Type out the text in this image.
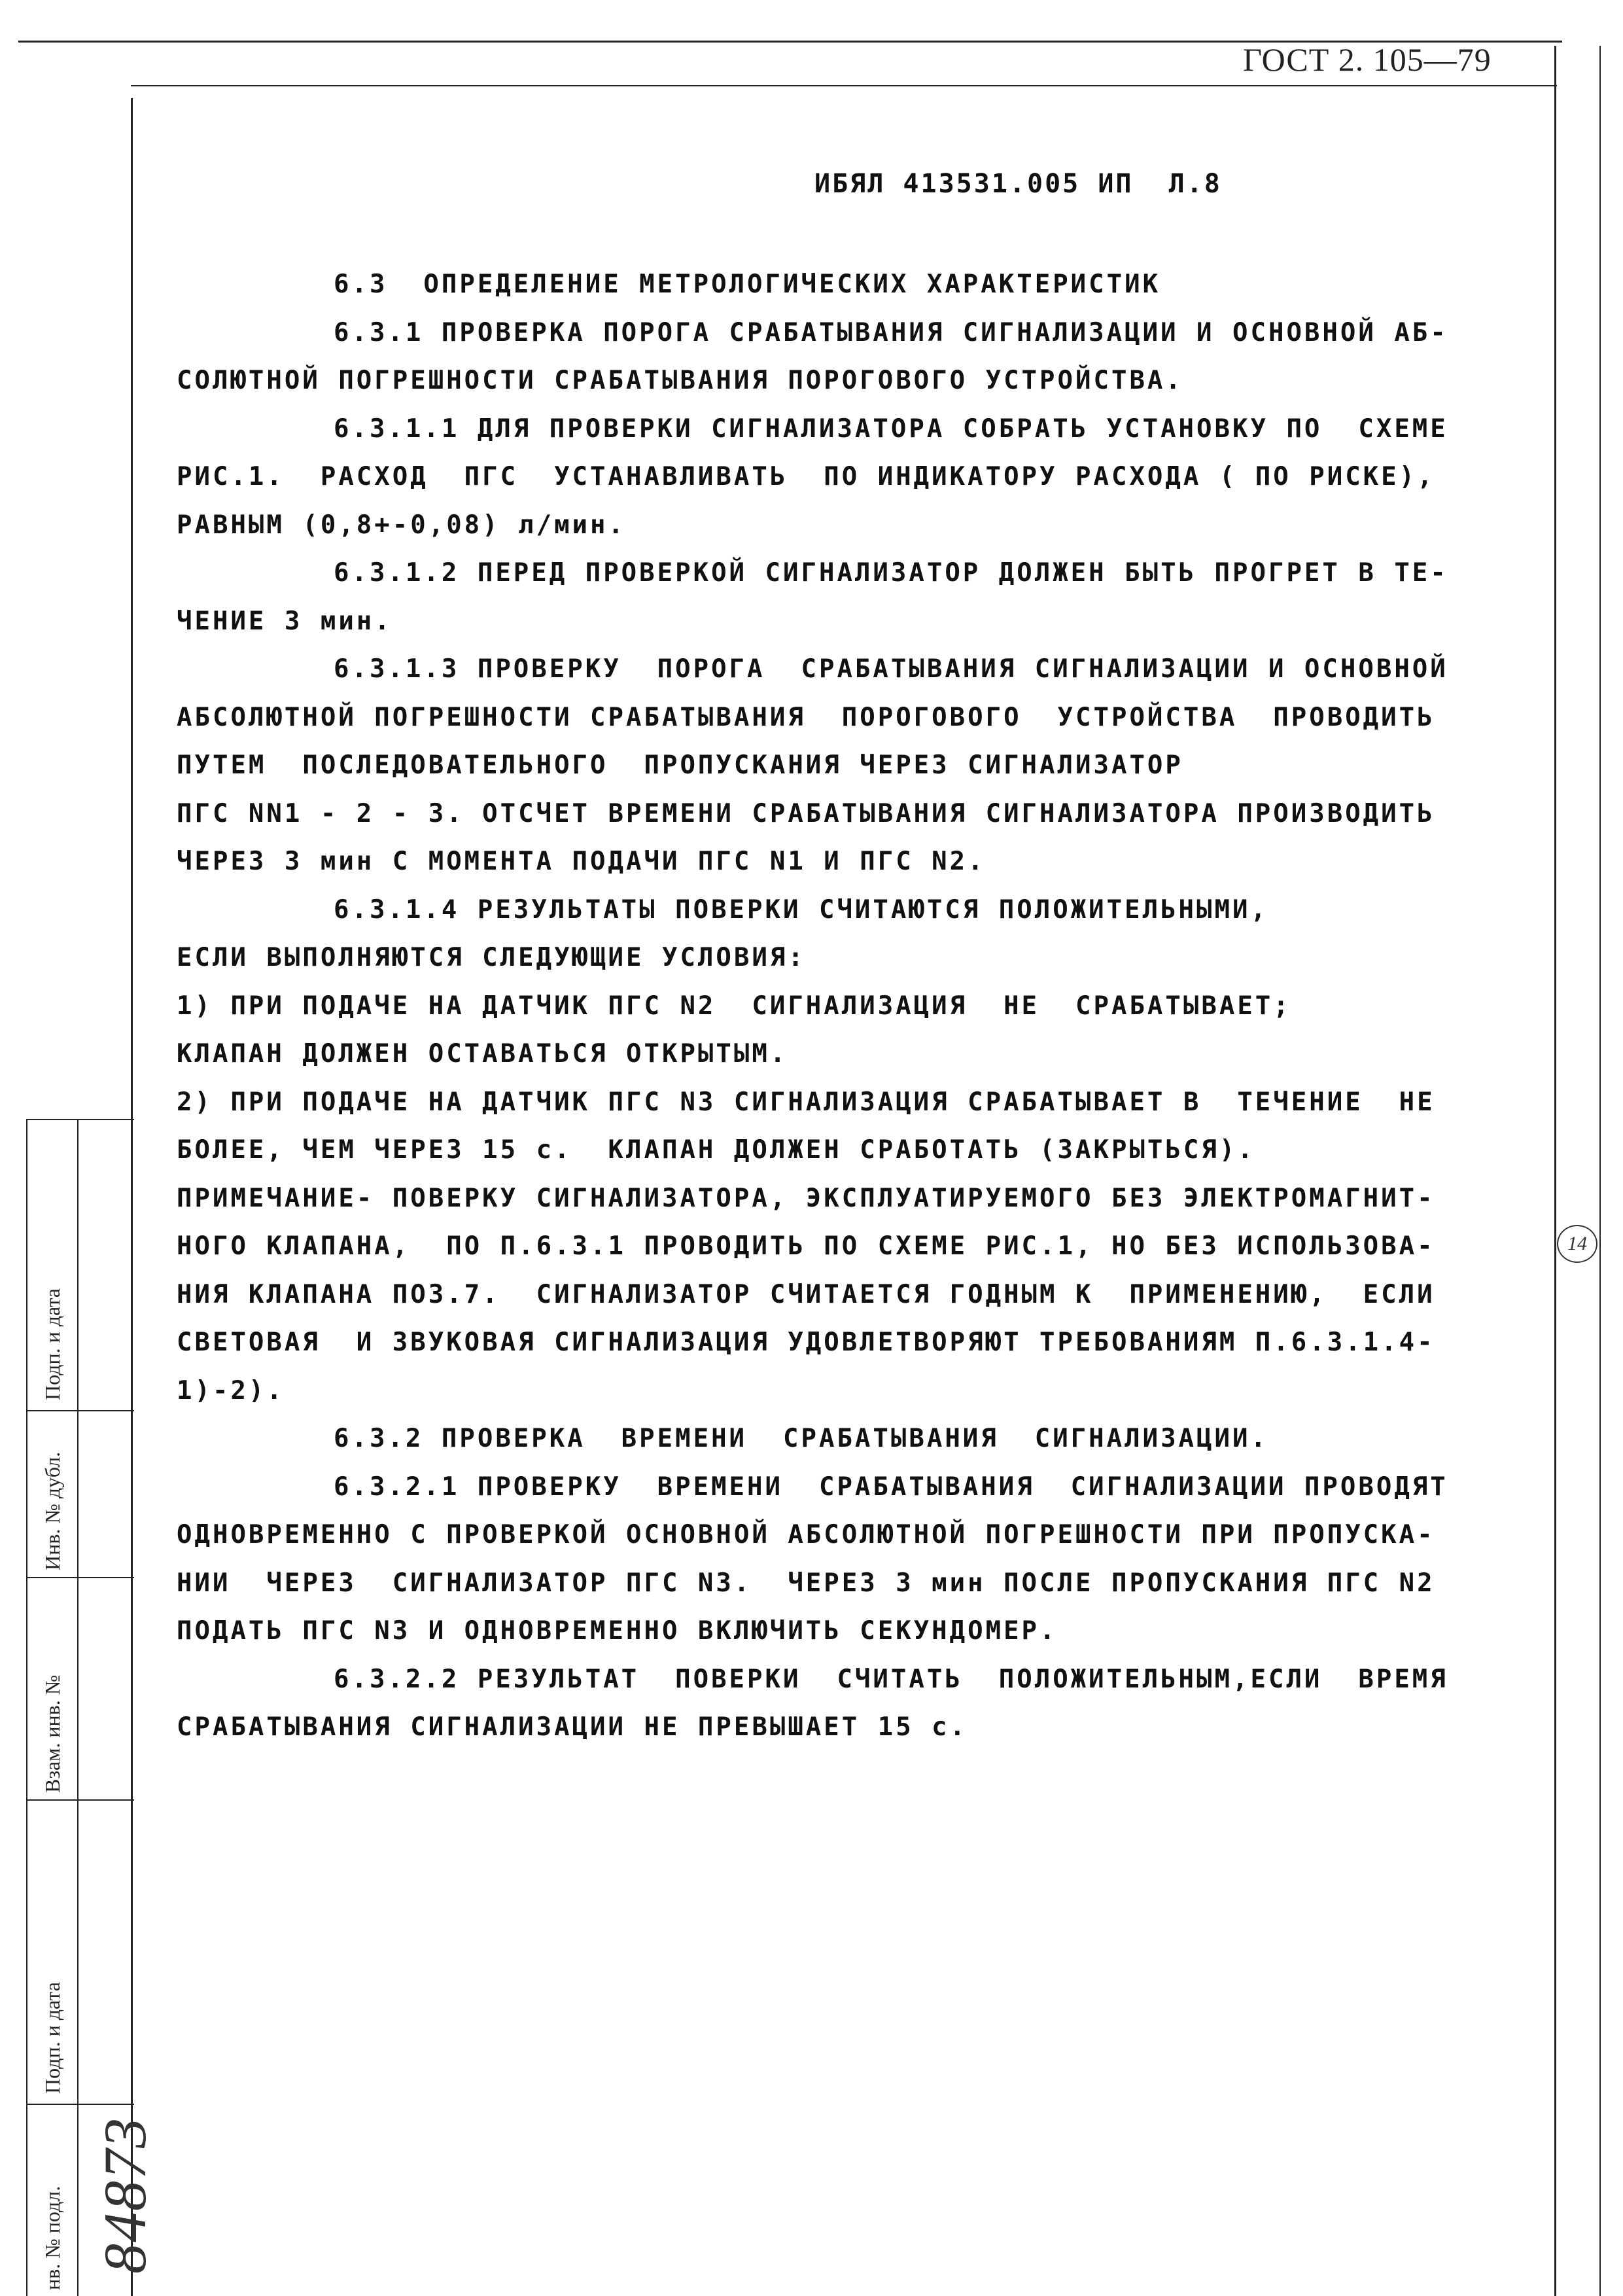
ГОСТ 2. 105—79
ИБЯЛ 413531.005 ИП  Л.8
6.3  ОПРЕДЕЛЕНИЕ МЕТРОЛОГИЧЕСКИХ ХАРАКТЕРИСТИК
6.3.1 ПРОВЕРКА ПОРОГА СРАБАТЫВАНИЯ СИГНАЛИЗАЦИИ И ОСНОВНОЙ АБ-
СОЛЮТНОЙ ПОГРЕШНОСТИ СРАБАТЫВАНИЯ ПОРОГОВОГО УСТРОЙСТВА.
6.3.1.1 ДЛЯ ПРОВЕРКИ СИГНАЛИЗАТОРА СОБРАТЬ УСТАНОВКУ ПО  СХЕМЕ
РИС.1.  РАСХОД  ПГС  УСТАНАВЛИВАТЬ  ПО ИНДИКАТОРУ РАСХОДА ( ПО РИСКЕ),
РАВНЫМ (0,8+-0,08) л/мин.
6.3.1.2 ПЕРЕД ПРОВЕРКОЙ СИГНАЛИЗАТОР ДОЛЖЕН БЫТЬ ПРОГРЕТ В ТЕ-
ЧЕНИЕ 3 мин.
6.3.1.3 ПРОВЕРКУ  ПОРОГА  СРАБАТЫВАНИЯ СИГНАЛИЗАЦИИ И ОСНОВНОЙ
АБСОЛЮТНОЙ ПОГРЕШНОСТИ СРАБАТЫВАНИЯ  ПОРОГОВОГО  УСТРОЙСТВА  ПРОВОДИТЬ
ПУТЕМ  ПОСЛЕДОВАТЕЛЬНОГО  ПРОПУСКАНИЯ ЧЕРЕЗ СИГНАЛИЗАТОР
ПГС NN1 - 2 - 3. ОТСЧЕТ ВРЕМЕНИ СРАБАТЫВАНИЯ СИГНАЛИЗАТОРА ПРОИЗВОДИТЬ
ЧЕРЕЗ 3 мин С МОМЕНТА ПОДАЧИ ПГС N1 И ПГС N2.
6.3.1.4 РЕЗУЛЬТАТЫ ПОВЕРКИ СЧИТАЮТСЯ ПОЛОЖИТЕЛЬНЫМИ,
ЕСЛИ ВЫПОЛНЯЮТСЯ СЛЕДУЮЩИЕ УСЛОВИЯ:
1) ПРИ ПОДАЧЕ НА ДАТЧИК ПГС N2  СИГНАЛИЗАЦИЯ  НЕ  СРАБАТЫВАЕТ;
КЛАПАН ДОЛЖЕН ОСТАВАТЬСЯ ОТКРЫТЫМ.
2) ПРИ ПОДАЧЕ НА ДАТЧИК ПГС N3 СИГНАЛИЗАЦИЯ СРАБАТЫВАЕТ В  ТЕЧЕНИЕ  НЕ
БОЛЕЕ, ЧЕМ ЧЕРЕЗ 15 с.  КЛАПАН ДОЛЖЕН СРАБОТАТЬ (ЗАКРЫТЬСЯ).
ПРИМЕЧАНИЕ- ПОВЕРКУ СИГНАЛИЗАТОРА, ЭКСПЛУАТИРУЕМОГО БЕЗ ЭЛЕКТРОМАГНИТ-
НОГО КЛАПАНА,  ПО П.6.3.1 ПРОВОДИТЬ ПО СХЕМЕ РИС.1, НО БЕЗ ИСПОЛЬЗОВА-
НИЯ КЛАПАНА ПОЗ.7.  СИГНАЛИЗАТОР СЧИТАЕТСЯ ГОДНЫМ К  ПРИМЕНЕНИЮ,  ЕСЛИ
СВЕТОВАЯ  И ЗВУКОВАЯ СИГНАЛИЗАЦИЯ УДОВЛЕТВОРЯЮТ ТРЕБОВАНИЯМ П.6.3.1.4-
1)-2).
6.3.2 ПРОВЕРКА  ВРЕМЕНИ  СРАБАТЫВАНИЯ  СИГНАЛИЗАЦИИ.
6.3.2.1 ПРОВЕРКУ  ВРЕМЕНИ  СРАБАТЫВАНИЯ  СИГНАЛИЗАЦИИ ПРОВОДЯТ
ОДНОВРЕМЕННО С ПРОВЕРКОЙ ОСНОВНОЙ АБСОЛЮТНОЙ ПОГРЕШНОСТИ ПРИ ПРОПУСКА-
НИИ  ЧЕРЕЗ  СИГНАЛИЗАТОР ПГС N3.  ЧЕРЕЗ 3 мин ПОСЛЕ ПРОПУСКАНИЯ ПГС N2
ПОДАТЬ ПГС N3 И ОДНОВРЕМЕННО ВКЛЮЧИТЬ СЕКУНДОМЕР.
6.3.2.2 РЕЗУЛЬТАТ  ПОВЕРКИ  СЧИТАТЬ  ПОЛОЖИТЕЛЬНЫМ,ЕСЛИ  ВРЕМЯ
СРАБАТЫВАНИЯ СИГНАЛИЗАЦИИ НЕ ПРЕВЫШАЕТ 15 с.
14
Подп. и дата
Инв. № дубл.
Взам. инв. №
Подп. и дата
нв. № подл. 84873
